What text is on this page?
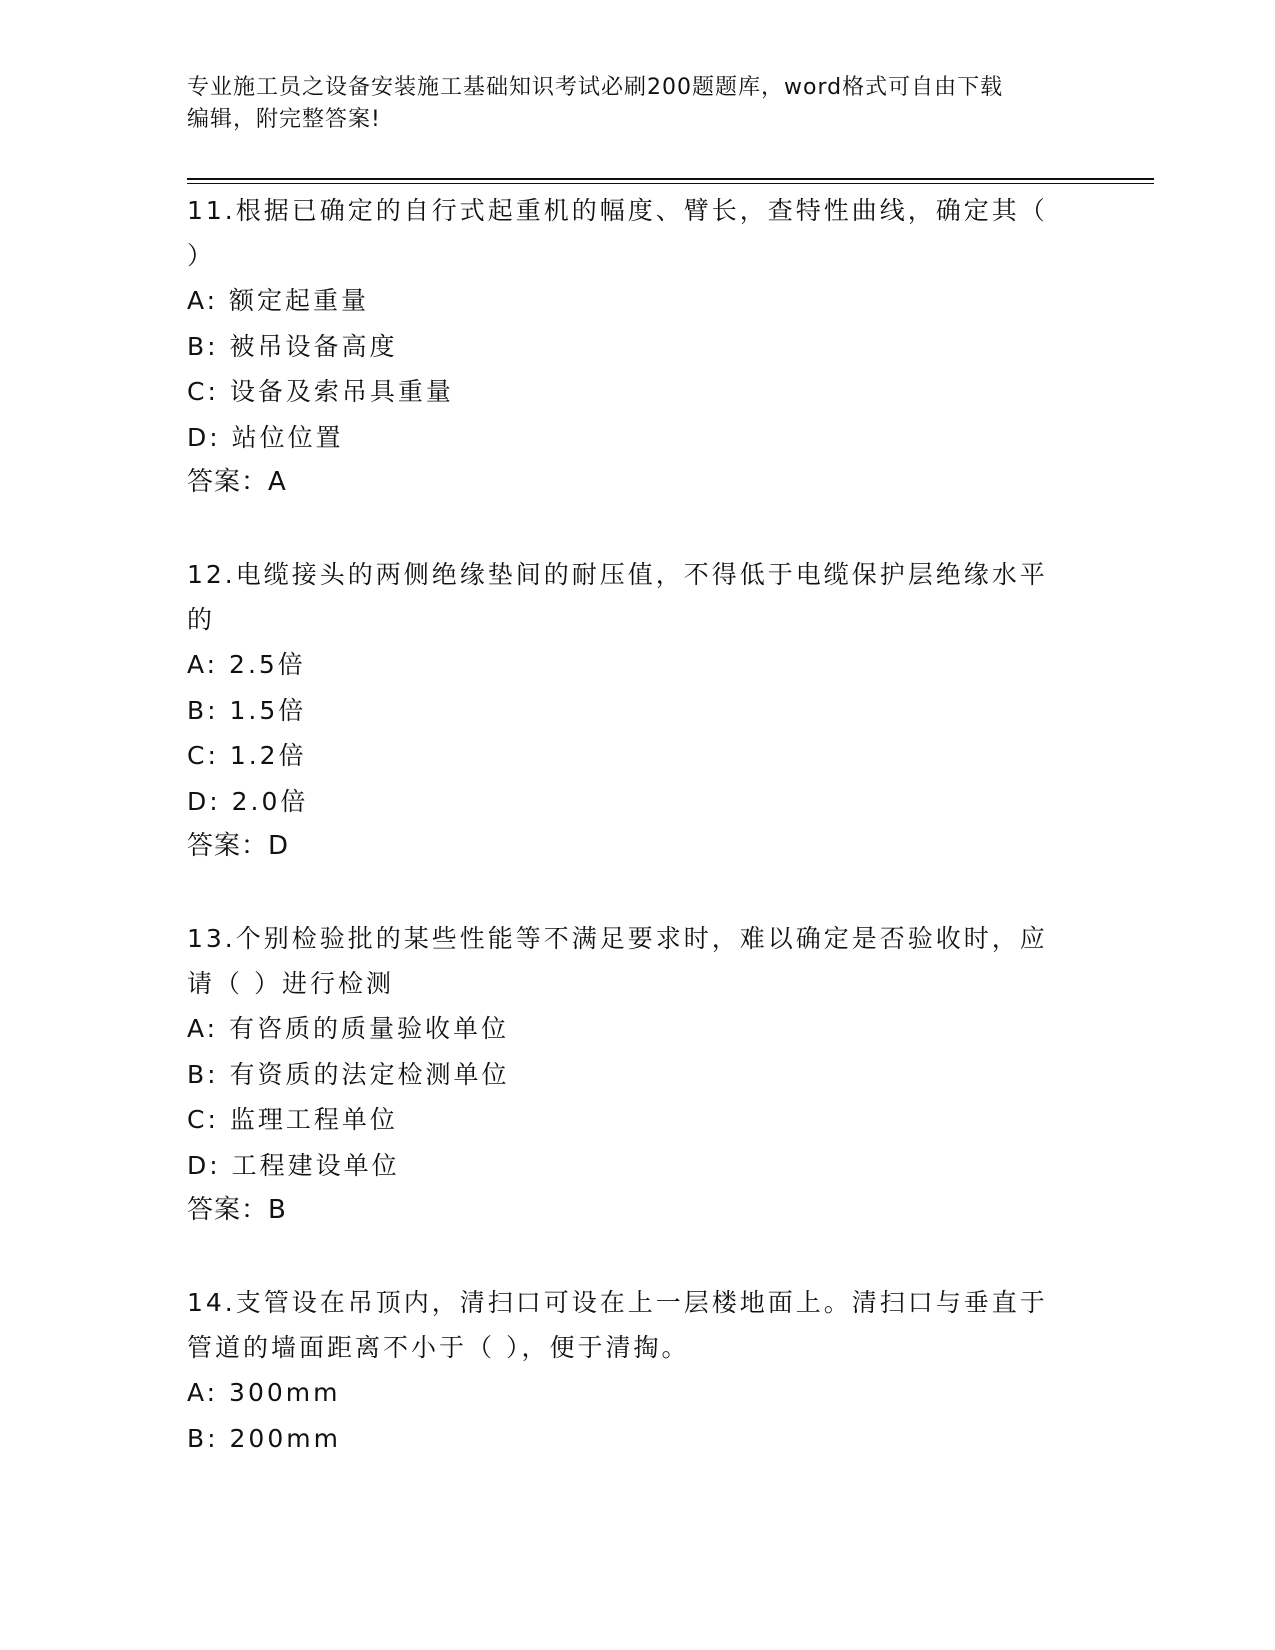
专业施工员之设备安装施工基础知识考试必刷200题题库，word格式可自由下载
编辑，附完整答案!

11.根据已确定的自行式起重机的幅度、臂长，查特性曲线，确定其（

）

A: 额定起重量

B: 被吊设备高度

C: 设备及索吊具重量

D: 站位位置

答案：A

12.电缆接头的两侧绝缘垫间的耐压值，不得低于电缆保护层绝缘水平

的

A: 2.5倍

B: 1.5倍

C: 1.2倍

D: 2.0倍

答案：D

13.个别检验批的某些性能等不满足要求时，难以确定是否验收时，应

请（ ）进行检测

A: 有咨质的质量验收单位

B: 有资质的法定检测单位

C: 监理工程单位

D: 工程建设单位

答案：B

14.支管设在吊顶内，清扫口可设在上一层楼地面上。清扫口与垂直于

管道的墙面距离不小于（ ），便于清掏。

A: 300mm

B: 200mm
